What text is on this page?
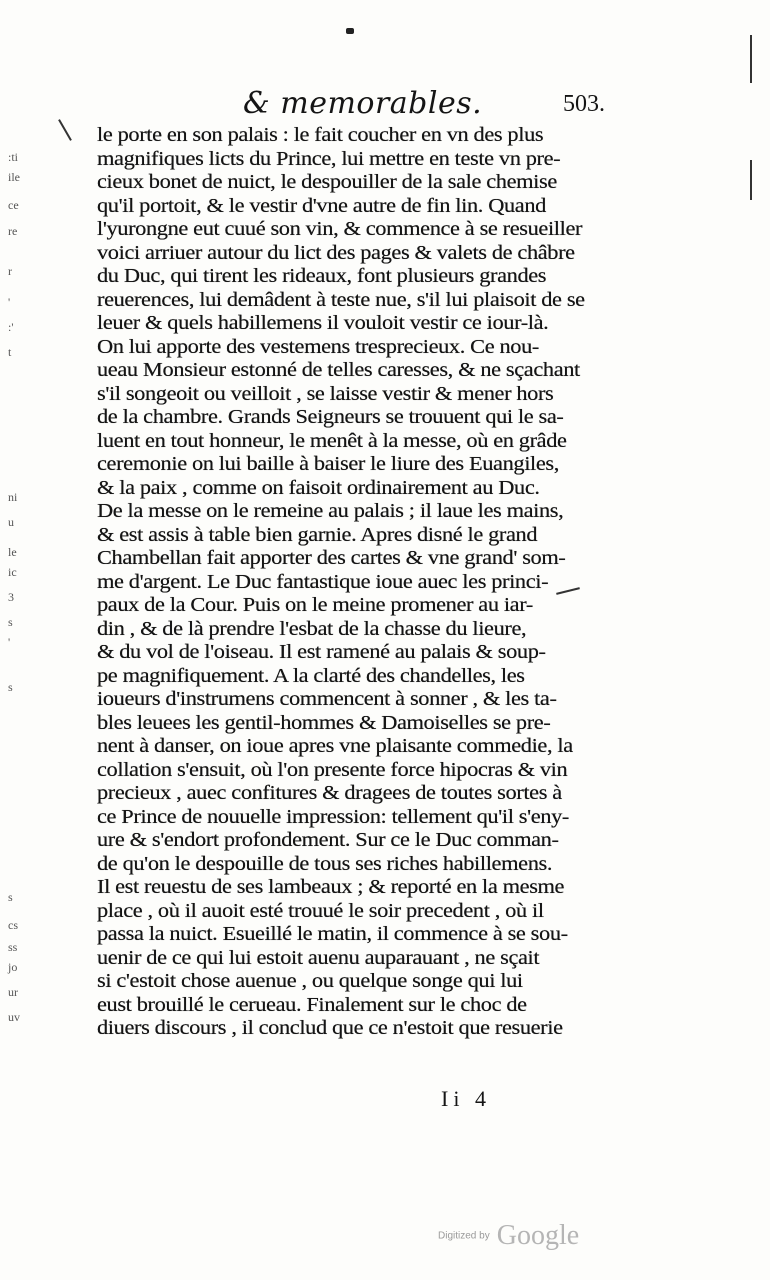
:ti
ile
ce
re
r
'
:'
t
ni
u
le
ic
3
s
'
s
s
cs
ss
jo
ur
uv
& memorables.	503.
le porte en son palais : le fait coucher en vn des plus
magnifiques licts du Prince, lui mettre en teste vn pre-
cieux bonet de nuict, le despouiller de la sale chemise
qu'il portoit, & le vestir d'vne autre de fin lin. Quand
l'yurongne eut cuué son vin, & commence à se resueiller
voici arriuer autour du lict des pages & valets de châbre
du Duc, qui tirent les rideaux, font plusieurs grandes
reuerences, lui demâdent à teste nue, s'il lui plaisoit de se
leuer & quels habillemens il vouloit vestir ce iour-là.
On lui apporte des vestemens tresprecieux. Ce nou-
ueau Monsieur estonné de telles caresses, & ne sçachant
s'il songeoit ou veilloit , se laisse vestir & mener hors
de la chambre. Grands Seigneurs se trouuent qui le sa-
luent en tout honneur, le menêt à la messe, où en grâde
ceremonie on lui baille à baiser le liure des Euangiles,
& la paix , comme on faisoit ordinairement au Duc.
De la messe on le remeine au palais ; il laue les mains,
& est assis à table bien garnie. Apres disné le grand
Chambellan fait apporter des cartes & vne grand' som-
me d'argent. Le Duc fantastique ioue auec les princi-
paux de la Cour. Puis on le meine promener au iar-
din , & de là prendre l'esbat de la chasse du lieure,
& du vol de l'oiseau. Il est ramené au palais & soup-
pe magnifiquement. A la clarté des chandelles, les
ioueurs d'instrumens commencent à sonner , & les ta-
bles leuees les gentil-hommes & Damoiselles se pre-
nent à danser, on ioue apres vne plaisante commedie, la
collation s'ensuit, où l'on presente force hipocras & vin
precieux , auec confitures & dragees de toutes sortes à
ce Prince de nouuelle impression: tellement qu'il s'eny-
ure & s'endort profondement. Sur ce le Duc comman-
de qu'on le despouille de tous ses riches habillemens.
Il est reuestu de ses lambeaux ; & reporté en la mesme
place , où il auoit esté trouué le soir precedent , où il
passa la nuict. Esueillé le matin, il commence à se sou-
uenir de ce qui lui estoit auenu auparauant , ne sçait
si c'estoit chose auenue , ou quelque songe qui lui
eust brouillé le cerueau. Finalement sur le choc de
diuers discours , il conclud que ce n'estoit que resuerie
Ii 4
Digitized by Google
